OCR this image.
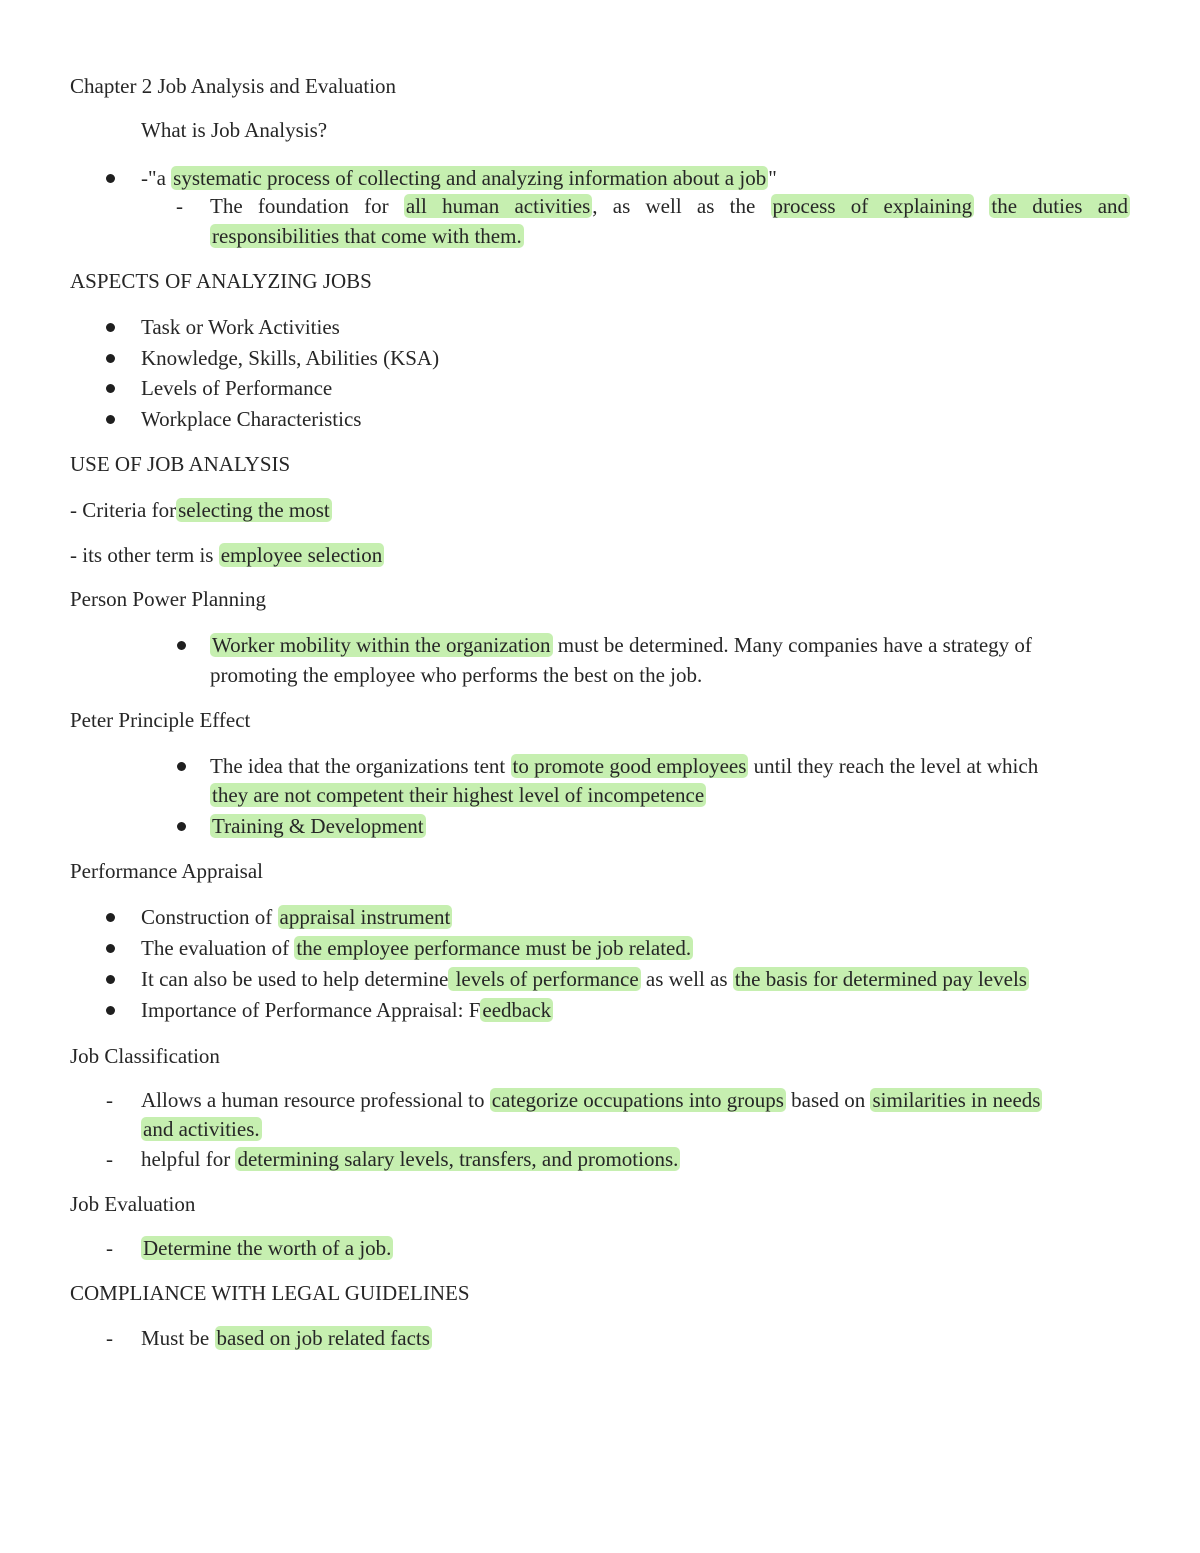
Chapter 2 Job Analysis and Evaluation
What is Job Analysis?
-"a systematic process of collecting and analyzing information about a job"
- The foundation for all human activities, as well as the process of explaining the duties and
responsibilities that come with them.
ASPECTS OF ANALYZING JOBS
Task or Work Activities
Knowledge, Skills, Abilities (KSA)
Levels of Performance
Workplace Characteristics
USE OF JOB ANALYSIS
- Criteria forselecting the most
- its other term is employee selection
Person Power Planning
Worker mobility within the organization must be determined. Many companies have a strategy of
promoting the employee who performs the best on the job.
Peter Principle Effect
The idea that the organizations tent to promote good employees until they reach the level at which
they are not competent their highest level of incompetence
Training & Development
Performance Appraisal
Construction of appraisal instrument
The evaluation of the employee performance must be job related.
It can also be used to help determine levels of performance as well as the basis for determined pay levels
Importance of Performance Appraisal: Feedback
Job Classification
- Allows a human resource professional to categorize occupations into groups based on similarities in needs
and activities.
- helpful for determining salary levels, transfers, and promotions.
Job Evaluation
- Determine the worth of a job.
COMPLIANCE WITH LEGAL GUIDELINES
- Must be based on job related facts
